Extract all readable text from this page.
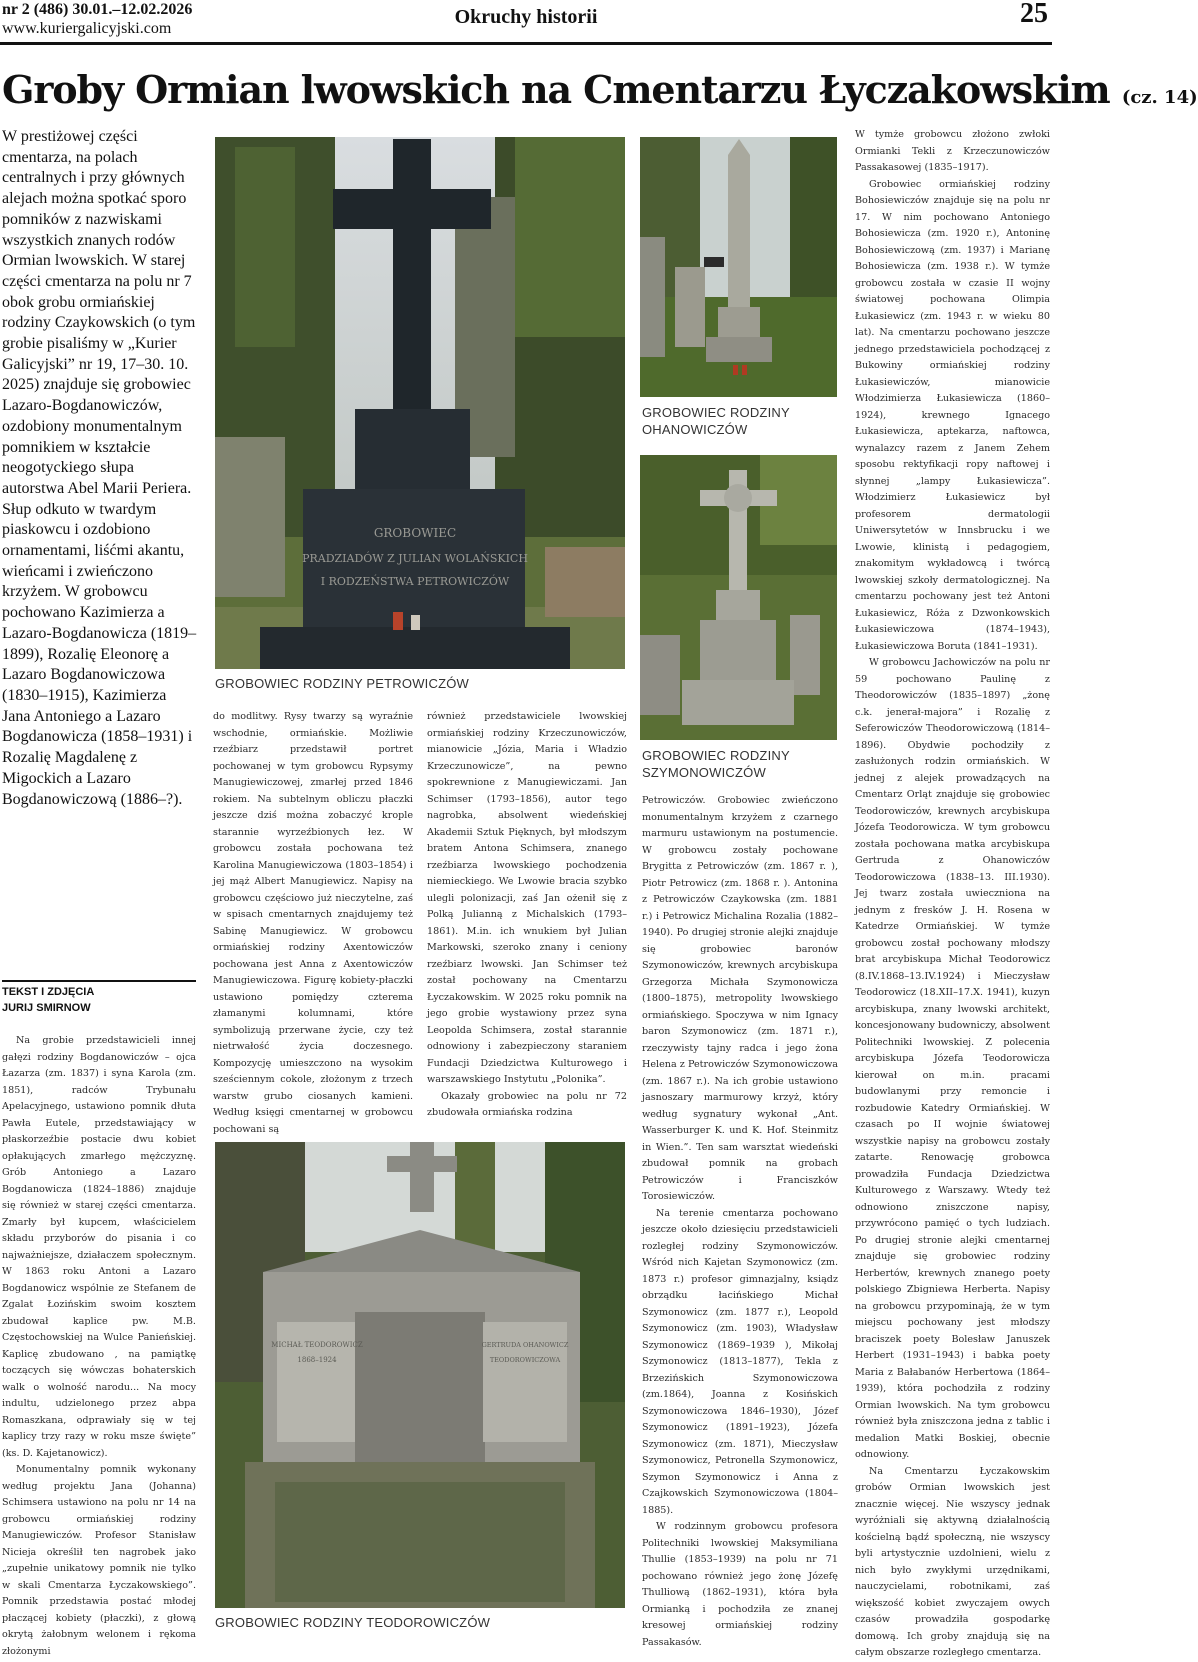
nr 2 (486) 30.01.–12.02.2026
www.kuriergalicyjski.com
Okruchy historii	25
Groby Ormian lwowskich na Cmentarzu Łyczakowskim (cz. 14)
W prestiżowej części cmentarza, na polach centralnych i przy głównych alejach można spotkać sporo pomników z nazwiskami wszystkich znanych rodów Ormian lwowskich. W starej części cmentarza na polu nr 7 obok grobu ormiańskiej rodziny Czaykowskich (o tym grobie pisaliśmy w „Kurier Galicyjski” nr 19, 17–30. 10. 2025) znajduje się grobowiec Lazaro-Bogdanowiczów, ozdobiony monumentalnym pomnikiem w kształcie neogotyckiego słupa autorstwa Abel Marii Periera. Słup odkuto w twardym piaskowcu i ozdobiono ornamentami, liśćmi akantu, wieńcami i zwieńczono krzyżem. W grobowcu pochowano Kazimierza a Lazaro-Bogdanowicza (1819–1899), Rozalię Eleonorę a Lazaro Bogdanowiczowa (1830–1915), Kazimierza Jana Antoniego a Lazaro Bogdanowicza (1858–1931) i Rozalię Magdalenę z Migockich a Lazaro Bogdanowiczową (1886–?).
TEKST I ZDJĘCIA
JURIJ SMIRNOW
GROBOWIEC
PRADZIADÓW Z JULIAN WOLAŃSKICH
I RODZEŃSTWA PETROWICZÓW
GROBOWIEC RODZINY PETROWICZÓW
GROBOWIEC RODZINY OHANOWICZÓW
GROBOWIEC RODZINY SZYMONOWICZÓW
MICHAŁ TEODOROWICZ
1868–1924
GERTRUDA OHANOWICZ
TEODOROWICZOWA
GROBOWIEC RODZINY TEODOROWICZÓW

Na grobie przedstawicieli innej gałęzi rodziny Bogdanowiczów – ojca Łazarza (zm. 1837) i syna Karola (zm. 1851), radców Trybunału Apelacyjnego, ustawiono pomnik dłuta Pawła Eutele, przedstawiający w płaskorzeźbie postacie dwu kobiet opłakujących zmarłego mężczyznę. Grób Antoniego a Lazaro Bogdanowicza (1824–1886) znajduje się również w starej części cmentarza. Zmarły był kupcem, właścicielem składu przyborów do pisania i co najważniejsze, działaczem społecznym. W 1863 roku Antoni a Lazaro Bogdanowicz wspólnie ze Stefanem de Zgalat Łozińskim swoim kosztem zbudował kaplice pw. M.B. Częstochowskiej na Wulce Panieńskiej. Kaplicę zbudowano , na pamiątkę toczących się wówczas bohaterskich walk o wolność narodu... Na mocy indultu, udzielonego przez abpa Romaszkana, odprawiały się w tej kaplicy trzy razy w roku msze święte” (ks. D. Kajetanowicz).

Monumentalny pomnik wykonany według projektu Jana (Johanna) Schimsera ustawiono na polu nr 14 na grobowcu ormiańskiej rodziny Manugiewiczów. Profesor Stanisław Nicieja określił ten nagrobek jako „zupełnie unikatowy pomnik nie tylko w skali Cmentarza Łyczakowskiego”. Pomnik przedstawia postać młodej płaczącej kobiety (płaczki), z głową okrytą żałobnym welonem i rękoma złożonymi

do modlitwy. Rysy twarzy są wyraźnie wschodnie, ormiańskie. Możliwie rzeźbiarz przedstawił portret pochowanej w tym grobowcu Rypsymy Manugiewiczowej, zmarłej przed 1846 rokiem. Na subtelnym obliczu płaczki jeszcze dziś można zobaczyć krople starannie wyrzeźbionych łez. W grobowcu została pochowana też Karolina Manugiewiczowa (1803–1854) i jej mąż Albert Manugiewicz. Napisy na grobowcu częściowo już nieczytelne, zaś w spisach cmentarnych znajdujemy też Sabinę Manugiewicz. W grobowcu ormiańskiej rodziny Axentowiczów pochowana jest Anna z Axentowiczów Manugiewiczowa. Figurę kobiety-płaczki ustawiono pomiędzy czterema złamanymi kolumnami, które symbolizują przerwane życie, czy też nietrwałość życia doczesnego. Kompozycję umieszczono na wysokim sześciennym cokole, złożonym z trzech warstw grubo ciosanych kamieni. Według księgi cmentarnej w grobowcu pochowani są

również przedstawiciele lwowskiej ormiańskiej rodziny Krzeczunowiczów, mianowicie „Józia, Maria i Władzio Krzeczunowicze”, na pewno spokrewnione z Manugiewiczami. Jan Schimser (1793–1856), autor tego nagrobka, absolwent wiedeńskiej Akademii Sztuk Pięknych, był młodszym bratem Antona Schimsera, znanego rzeźbiarza lwowskiego pochodzenia niemieckiego. We Lwowie bracia szybko ulegli polonizacji, zaś Jan ożenił się z Polką Julianną z Michalskich (1793–1861). M.in. ich wnukiem był Julian Markowski, szeroko znany i ceniony rzeźbiarz lwowski. Jan Schimser też został pochowany na Cmentarzu Łyczakowskim. W 2025 roku pomnik na jego grobie wystawiony przez syna Leopolda Schimsera, został starannie odnowiony i zabezpieczony staraniem Fundacji Dziedzictwa Kulturowego i warszawskiego Instytutu „Polonika”.

Okazały grobowiec na polu nr 72 zbudowała ormiańska rodzina

Petrowiczów. Grobowiec zwieńczono monumentalnym krzyżem z czarnego marmuru ustawionym na postumencie. W grobowcu zostały pochowane Brygitta z Petrowiczów (zm. 1867 r. ), Piotr Petrowicz (zm. 1868 r. ). Antonina z Petrowiczów Czaykowska (zm. 1881 r.) i Petrowicz Michalina Rozalia (1882–1940). Po drugiej stronie alejki znajduje się grobowiec baronów Szymonowiczów, krewnych arcybiskupa Grzegorza Michała Szymonowicza (1800–1875), metropolity lwowskiego ormiańskiego. Spoczywa w nim Ignacy baron Szymonowicz (zm. 1871 r.), rzeczywisty tajny radca i jego żona Helena z Petrowiczów Szymonowiczowa (zm. 1867 r.). Na ich grobie ustawiono jasnoszary marmurowy krzyż, który według sygnatury wykonał „Ant. Wasserburger K. und K. Hof. Steinmitz in Wien.”. Ten sam warsztat wiedeński zbudował pomnik na grobach Petrowiczów i Franciszków Torosiewiczów.

Na terenie cmentarza pochowano jeszcze około dziesięciu przedstawicieli rozległej rodziny Szymonowiczów. Wśród nich Kajetan Szymonowicz (zm. 1873 r.) profesor gimnazjalny, ksiądz obrządku łacińskiego Michał Szymonowicz (zm. 1877 r.), Leopold Szymonowicz (zm. 1903), Władysław Szymonowicz (1869–1939 ), Mikołaj Szymonowicz (1813–1877), Tekla z Brzezińskich Szymonowiczowa (zm.1864), Joanna z Kosińskich Szymonowiczowa 1846–1930), Józef Szymonowicz (1891–1923), Józefa Szymonowicz (zm. 1871), Mieczysław Szymonowicz, Petronella Szymonowicz, Szymon Szymonowicz i Anna z Czajkowskich Szymonowiczowa (1804–1885).

W rodzinnym grobowcu profesora Politechniki lwowskiej Maksymiliana Thullie (1853–1939) na polu nr 71 pochowano również jego żonę Józefę Thulliową (1862–1931), która była Ormianką i pochodziła ze znanej kresowej ormiańskiej rodziny Passakasów.

W tymże grobowcu złożono zwłoki Ormianki Tekli z Krzeczunowiczów Passakasowej (1835–1917).

Grobowiec ormiańskiej rodziny Bohosiewiczów znajduje się na polu nr 17. W nim pochowano Antoniego Bohosiewicza (zm. 1920 r.), Antoninę Bohosiewiczową (zm. 1937) i Marianę Bohosiewicza (zm. 1938 r.). W tymże grobowcu została w czasie II wojny światowej pochowana Olimpia Łukasiewicz (zm. 1943 r. w wieku 80 lat). Na cmentarzu pochowano jeszcze jednego przedstawiciela pochodzącej z Bukowiny ormiańskiej rodziny Łukasiewiczów, mianowicie Włodzimierza Łukasiewicza (1860–1924), krewnego Ignacego Łukasiewicza, aptekarza, naftowca, wynalazcy razem z Janem Zehem sposobu rektyfikacji ropy naftowej i słynnej „lampy Łukasiewicza”. Włodzimierz Łukasiewicz był profesorem dermatologii Uniwersytetów w Innsbrucku i we Lwowie, klinistą i pedagogiem, znakomitym wykładowcą i twórcą lwowskiej szkoły dermatologicznej. Na cmentarzu pochowany jest też Antoni Łukasiewicz, Róża z Dzwonkowskich Łukasiewiczowa (1874–1943), Łukasiewiczowa Boruta (1841–1931).

W grobowcu Jachowiczów na polu nr 59 pochowano Paulinę z Theodorowiczów (1835–1897) „żonę c.k. jenerał-majora” i Rozalię z Seferowiczów Theodorowiczową (1814–1896). Obydwie pochodziły z zasłużonych rodzin ormiańskich. W jednej z alejek prowadzących na Cmentarz Orląt znajduje się grobowiec Teodorowiczów, krewnych arcybiskupa Józefa Teodorowicza. W tym grobowcu została pochowana matka arcybiskupa Gertruda z Ohanowiczów Teodorowiczowa (1838–13. III.1930). Jej twarz została uwieczniona na jednym z fresków J. H. Rosena w Katedrze Ormiańskiej. W tymże grobowcu został pochowany młodszy brat arcybiskupa Michał Teodorowicz (8.IV.1868–13.IV.1924) i Mieczysław Teodorowicz (18.XII–17.X. 1941), kuzyn arcybiskupa, znany lwowski architekt, koncesjonowany budowniczy, absolwent Politechniki lwowskiej. Z polecenia arcybiskupa Józefa Teodorowicza kierował on m.in. pracami budowlanymi przy remoncie i rozbudowie Katedry Ormiańskiej. W czasach po II wojnie światowej wszystkie napisy na grobowcu zostały zatarte. Renowację grobowca prowadziła Fundacja Dziedzictwa Kulturowego z Warszawy. Wtedy też odnowiono zniszczone napisy, przywrócono pamięć o tych ludziach. Po drugiej stronie alejki cmentarnej znajduje się grobowiec rodziny Herbertów, krewnych znanego poety polskiego Zbigniewa Herberta. Napisy na grobowcu przypominają, że w tym miejscu pochowany jest młodszy braciszek poety Bolesław Januszek Herbert (1931–1943) i babka poety Maria z Bałabanów Herbertowa (1864–1939), która pochodziła z rodziny Ormian lwowskich. Na tym grobowcu również była zniszczona jedna z tablic i medalion Matki Boskiej, obecnie odnowiony.

Na Cmentarzu Łyczakowskim grobów Ormian lwowskich jest znacznie więcej. Nie wszyscy jednak wyróżniali się aktywną działalnością kościelną bądź społeczną, nie wszyscy byli artystycznie uzdolnieni, wielu z nich było zwykłymi urzędnikami, nauczycielami, robotnikami, zaś większość kobiet zwyczajem owych czasów prowadziła gospodarkę domową. Ich groby znajdują się na całym obszarze rozległego cmentarza.
